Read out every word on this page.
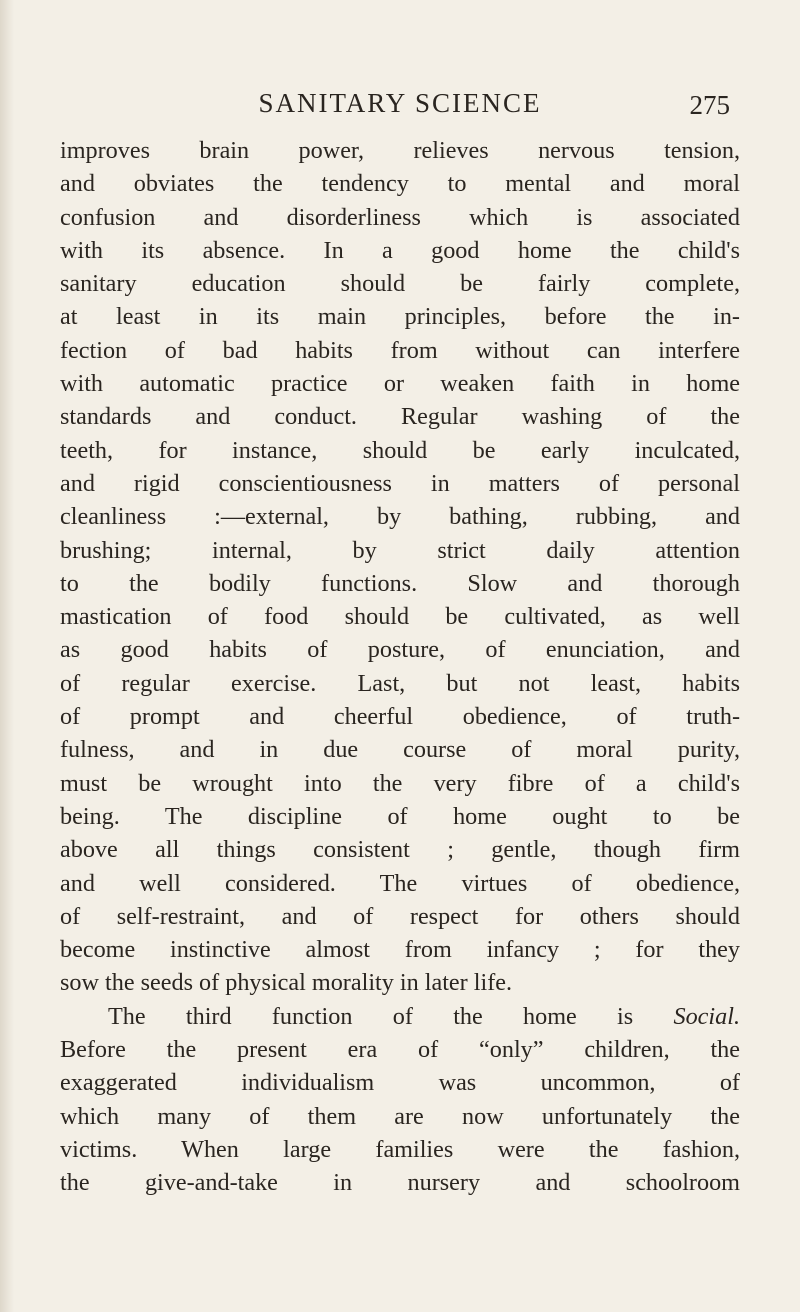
SANITARY SCIENCE	275
improves brain power, relieves nervous tension,
and obviates the tendency to mental and moral
confusion and disorderliness which is associated
with its absence. In a good home the child's
sanitary education should be fairly complete,
at least in its main principles, before the in-
fection of bad habits from without can interfere
with automatic practice or weaken faith in home
standards and conduct. Regular washing of the
teeth, for instance, should be early inculcated,
and rigid conscientiousness in matters of personal
cleanliness :—external, by bathing, rubbing, and
brushing; internal, by strict daily attention
to the bodily functions. Slow and thorough
mastication of food should be cultivated, as well
as good habits of posture, of enunciation, and
of regular exercise. Last, but not least, habits
of prompt and cheerful obedience, of truth-
fulness, and in due course of moral purity,
must be wrought into the very fibre of a child's
being. The discipline of home ought to be
above all things consistent ; gentle, though firm
and well considered. The virtues of obedience,
of self-restraint, and of respect for others should
become instinctive almost from infancy ; for they
sow the seeds of physical morality in later life.
The third function of the home is Social.
Before the present era of “only” children, the
exaggerated individualism was uncommon, of
which many of them are now unfortunately the
victims. When large families were the fashion,
the give-and-take in nursery and schoolroom
